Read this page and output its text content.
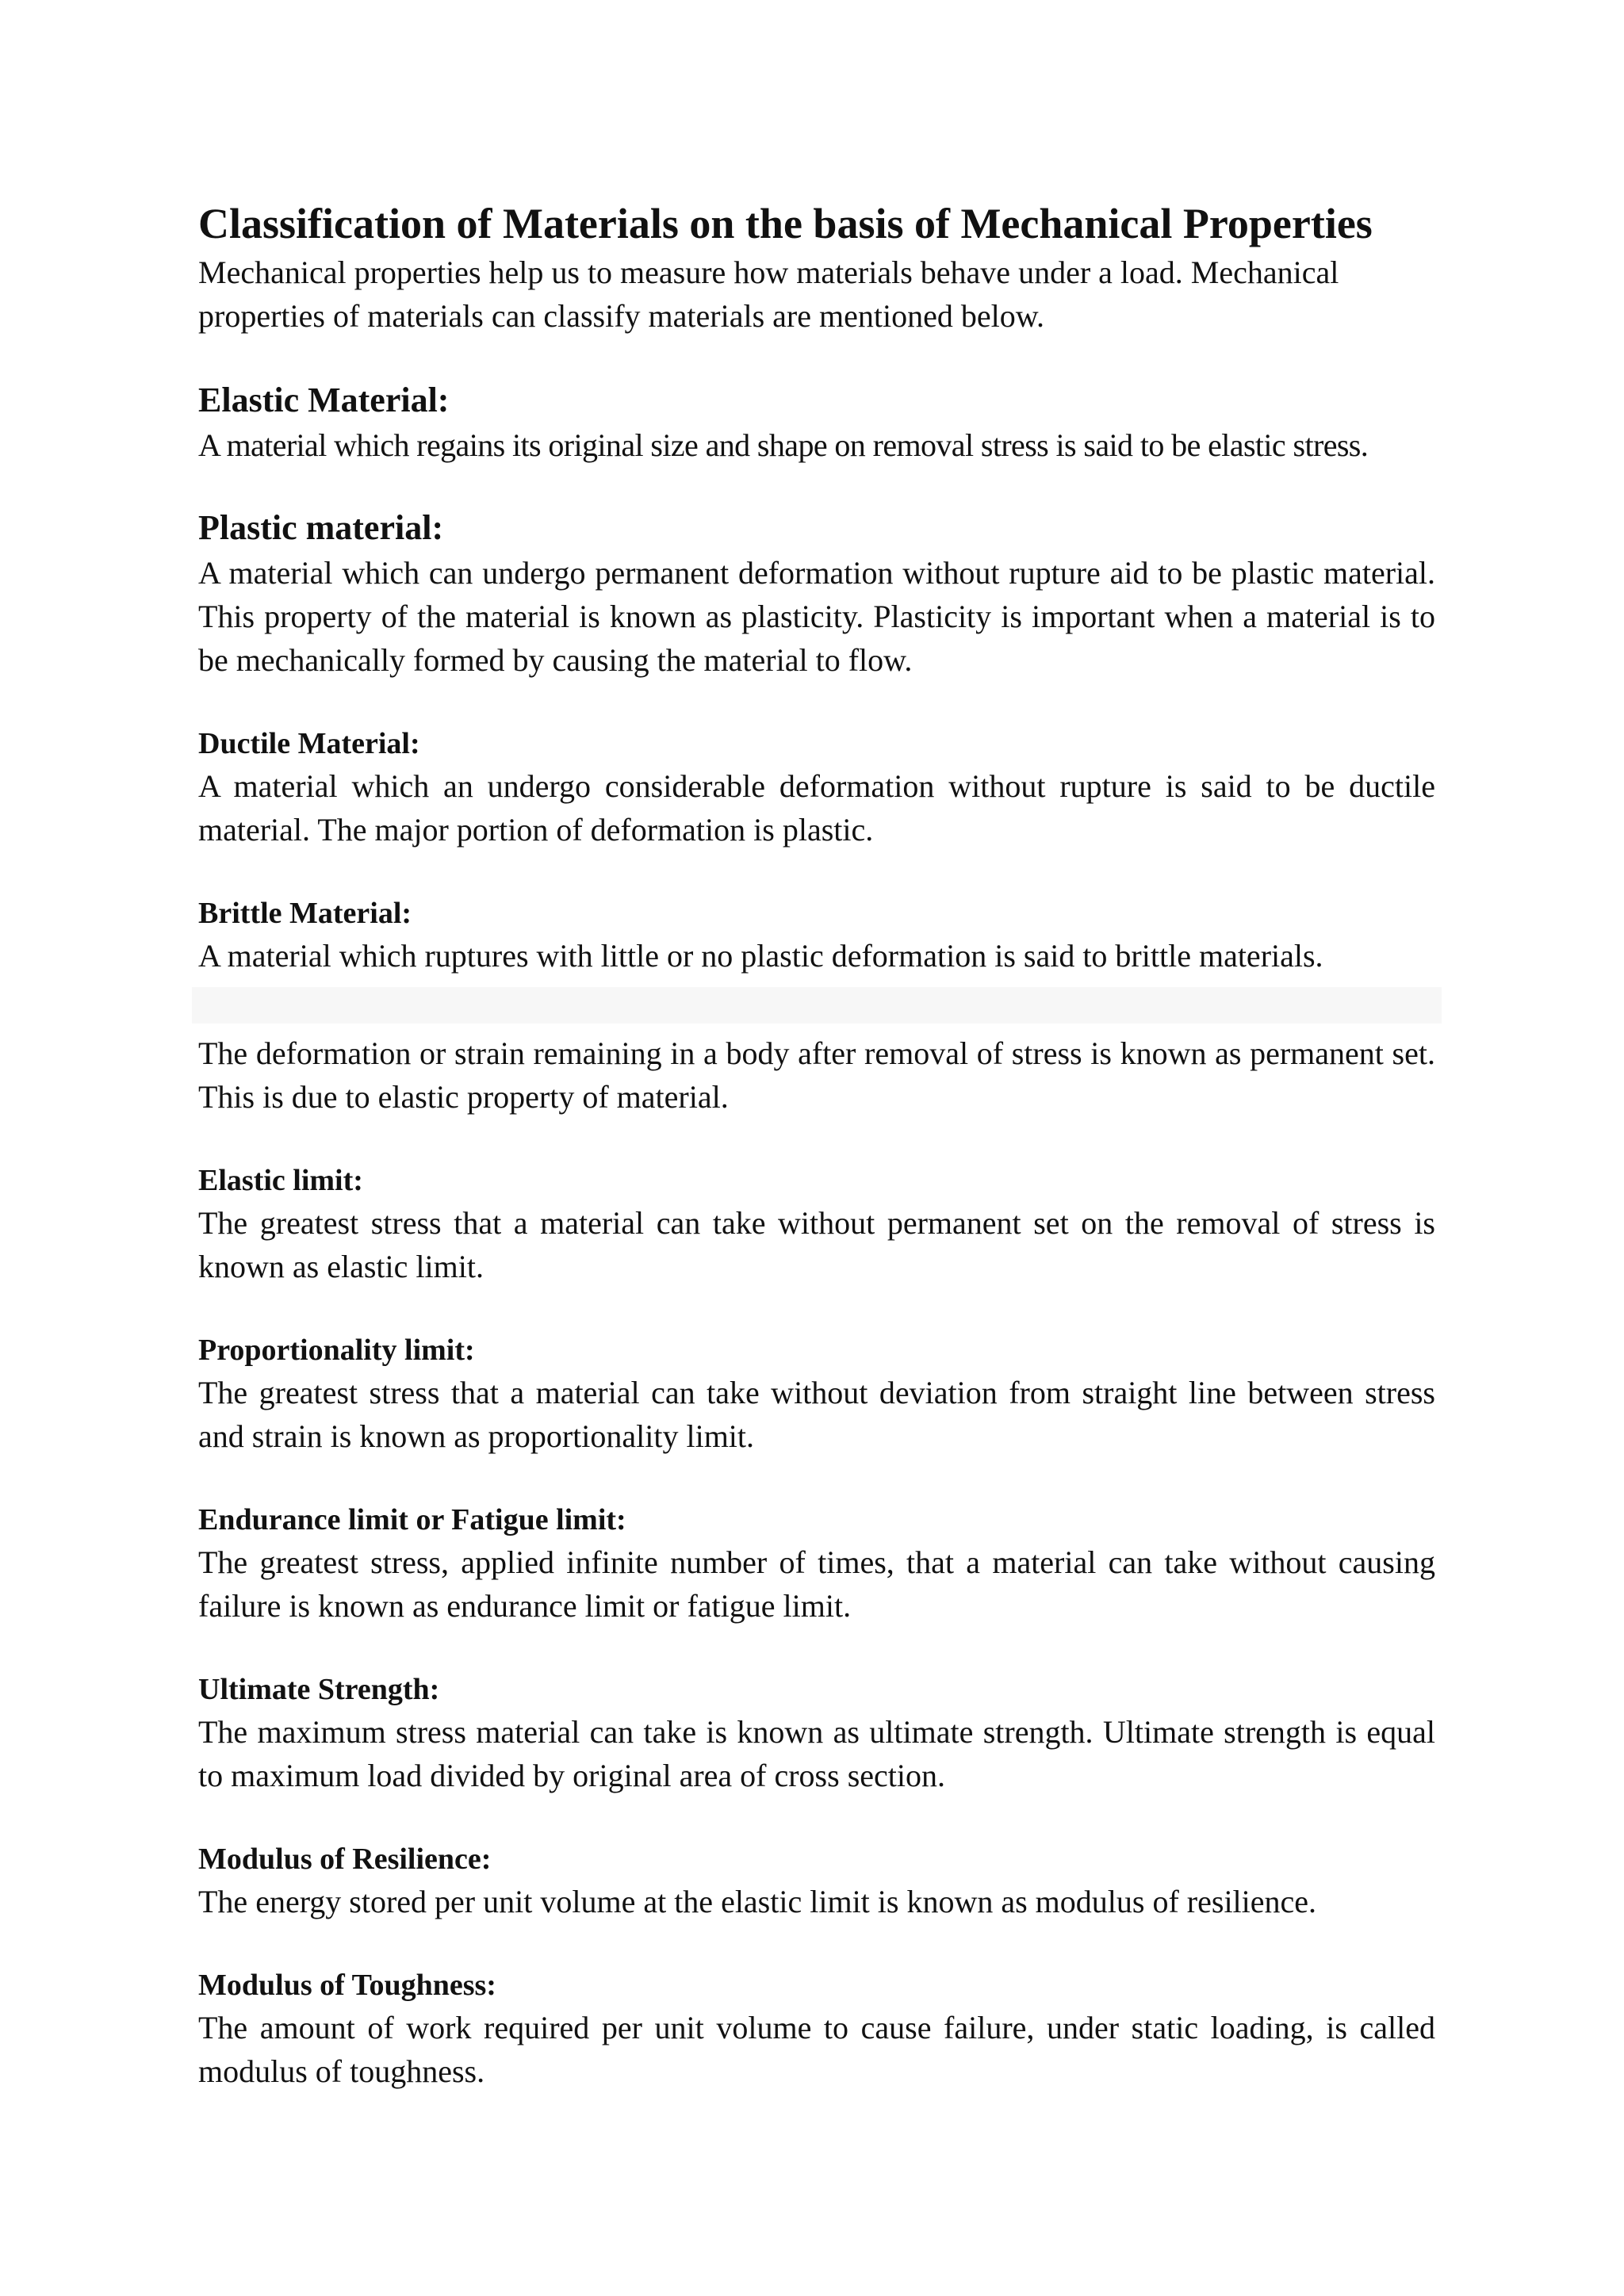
Classification of Materials on the basis of Mechanical Properties

Mechanical properties help us to measure how materials behave under a load. Mechanical properties of materials can classify materials are mentioned below.

Elastic Material:

A material which regains its original size and shape on removal stress is said to be elastic stress.

Plastic material:

A material which can undergo permanent deformation without rupture aid to be plastic material. This property of the material is known as plasticity. Plasticity is important when a material is to be mechanically formed by causing the material to flow.

Ductile Material:

A material which an undergo considerable deformation without rupture is said to be ductile material. The major portion of deformation is plastic.

Brittle Material:

A material which ruptures with little or no plastic deformation is said to brittle materials.

The deformation or strain remaining in a body after removal of stress is known as permanent set. This is due to elastic property of material.

Elastic limit:

The greatest stress that a material can take without permanent set on the removal of stress is known as elastic limit.

Proportionality limit:

The greatest stress that a material can take without deviation from straight line between stress and strain is known as proportionality limit.

Endurance limit or Fatigue limit:

The greatest stress, applied infinite number of times, that a material can take without causing failure is known as endurance limit or fatigue limit.

Ultimate Strength:

The maximum stress material can take is known as ultimate strength. Ultimate strength is equal to maximum load divided by original area of cross section.

Modulus of Resilience:

The energy stored per unit volume at the elastic limit is known as modulus of resilience.

Modulus of Toughness:

The amount of work required per unit volume to cause failure, under static loading, is called modulus of toughness.
